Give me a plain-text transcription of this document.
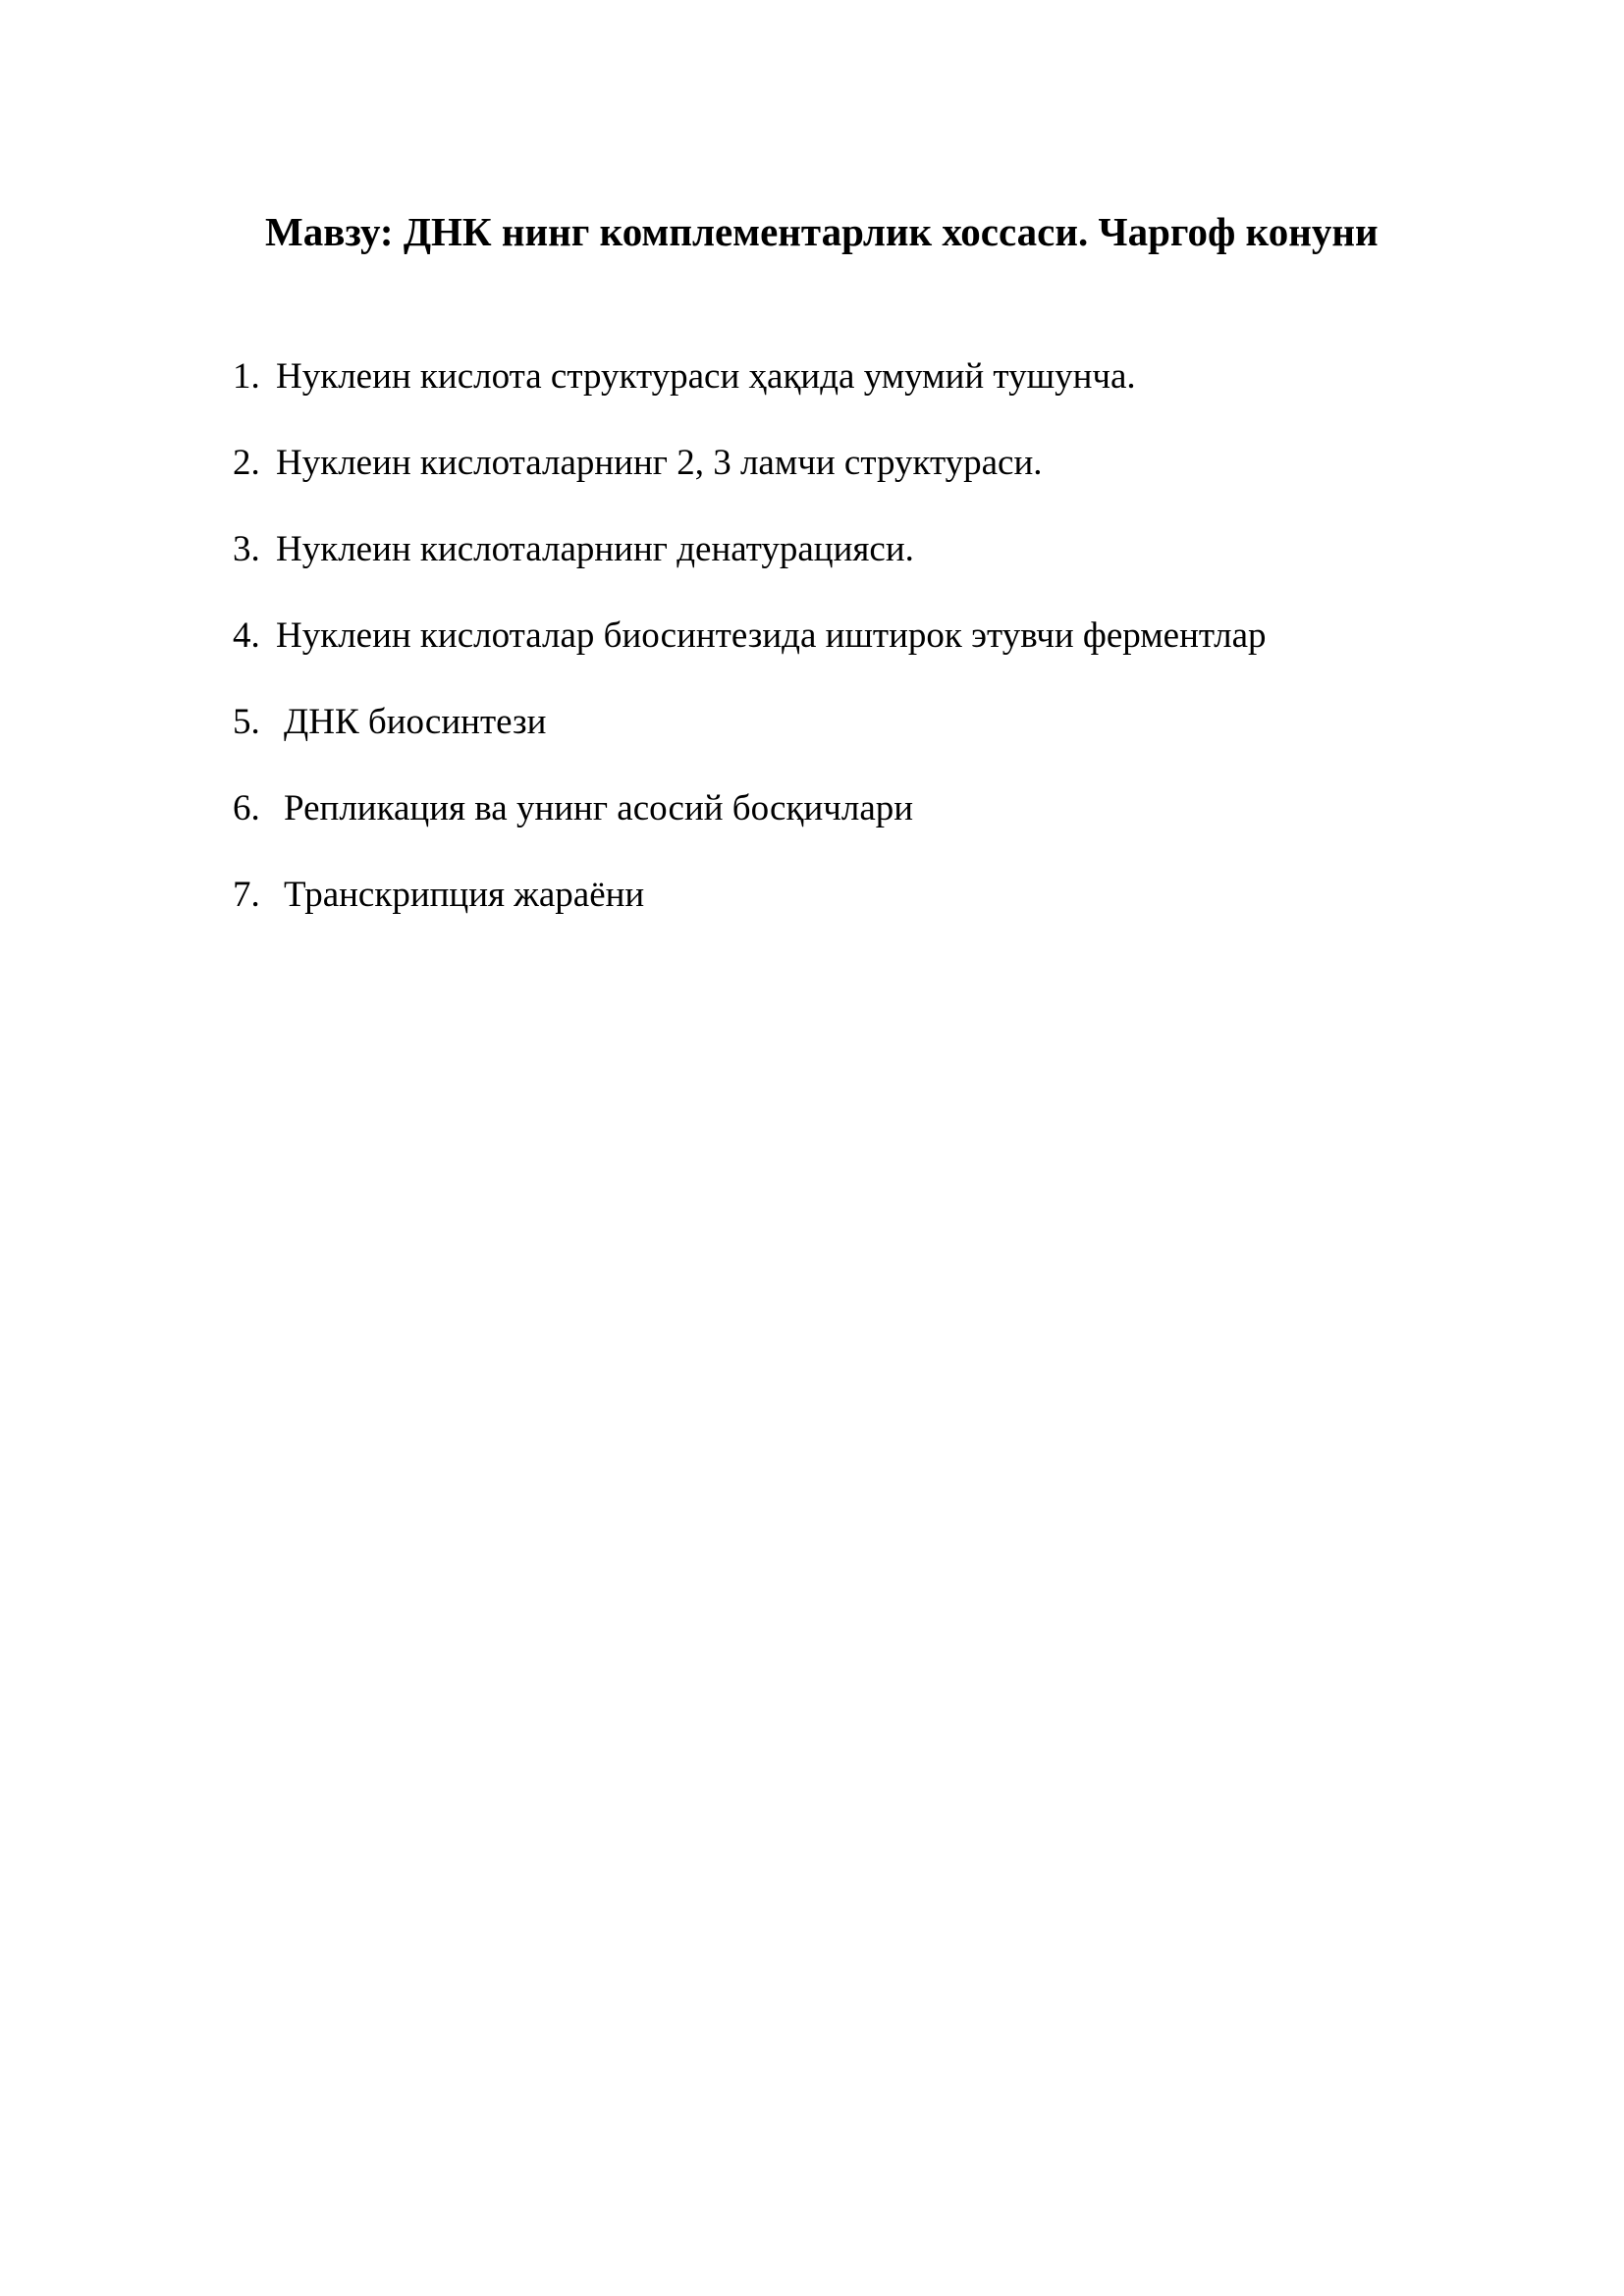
Мавзу: ДНК нинг комплементарлик хоссаси. Чаргоф конуни
1. Нуклеин кислота структураси ҳақида умумий тушунча.
2. Нуклеин кислоталарнинг 2, 3 ламчи структураси.
3. Нуклеин кислоталарнинг денатурацияси.
4. Нуклеин кислоталар биосинтезида иштирок этувчи ферментлар
5. ДНК биосинтези
6. Репликация ва унинг асосий босқичлари
7. Транскрипция жараёни
